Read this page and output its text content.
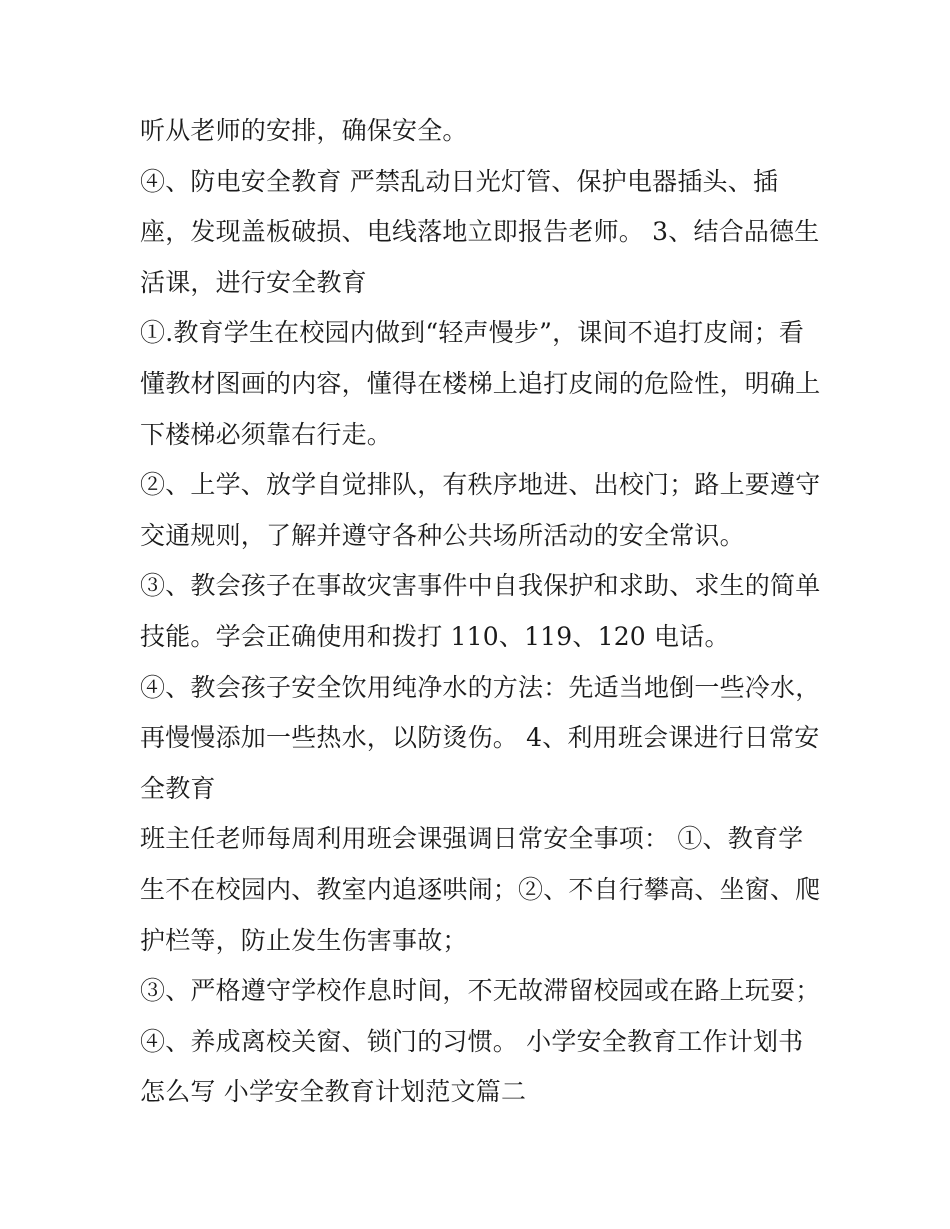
听从老师的安排，确保安全。
④、防电安全教育 严禁乱动日光灯管、保护电器插头、插
座，发现盖板破损、电线落地立即报告老师。 3、结合品德生
活课，进行安全教育
①.教育学生在校园内做到“轻声慢步”，课间不追打皮闹；看
懂教材图画的内容，懂得在楼梯上追打皮闹的危险性，明确上
下楼梯必须靠右行走。
②、上学、放学自觉排队，有秩序地进、出校门；路上要遵守
交通规则，了解并遵守各种公共场所活动的安全常识。
③、教会孩子在事故灾害事件中自我保护和求助、求生的简单
技能。学会正确使用和拨打 110、119、120 电话。
④、教会孩子安全饮用纯净水的方法：先适当地倒一些冷水，
再慢慢添加一些热水，以防烫伤。 4、利用班会课进行日常安
全教育
班主任老师每周利用班会课强调日常安全事项： ①、教育学
生不在校园内、教室内追逐哄闹；②、不自行攀高、坐窗、爬
护栏等，防止发生伤害事故；
③、严格遵守学校作息时间，不无故滞留校园或在路上玩耍；
④、养成离校关窗、锁门的习惯。 小学安全教育工作计划书
怎么写 小学安全教育计划范文篇二
